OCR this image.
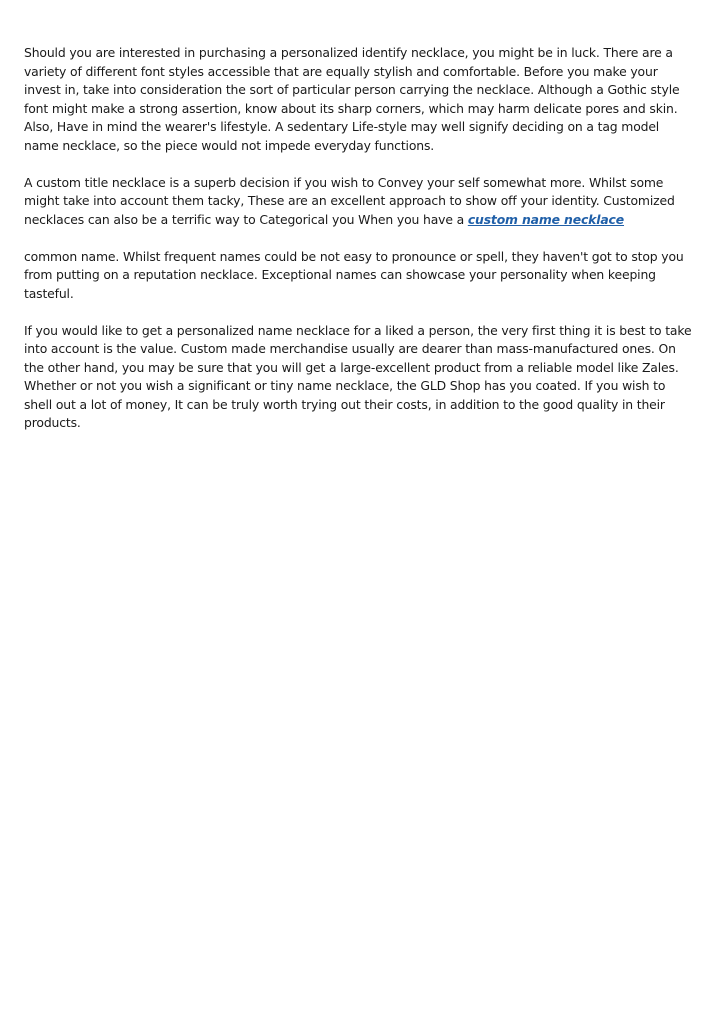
Should you are interested in purchasing a personalized identify necklace, you might be in luck. There are a variety of different font styles accessible that are equally stylish and comfortable. Before you make your invest in, take into consideration the sort of particular person carrying the necklace. Although a Gothic style font might make a strong assertion, know about its sharp corners, which may harm delicate pores and skin. Also, Have in mind the wearer's lifestyle. A sedentary Life-style may well signify deciding on a tag model name necklace, so the piece would not impede everyday functions.

A custom title necklace is a superb decision if you wish to Convey your self somewhat more. Whilst some might take into account them tacky, These are an excellent approach to show off your identity. Customized necklaces can also be a terrific way to Categorical you When you have a custom name necklace

common name. Whilst frequent names could be not easy to pronounce or spell, they haven't got to stop you from putting on a reputation necklace. Exceptional names can showcase your personality when keeping tasteful.

If you would like to get a personalized name necklace for a liked a person, the very first thing it is best to take into account is the value. Custom made merchandise usually are dearer than mass-manufactured ones. On the other hand, you may be sure that you will get a large-excellent product from a reliable model like Zales. Whether or not you wish a significant or tiny name necklace, the GLD Shop has you coated. If you wish to shell out a lot of money, It can be truly worth trying out their costs, in addition to the good quality in their products.
